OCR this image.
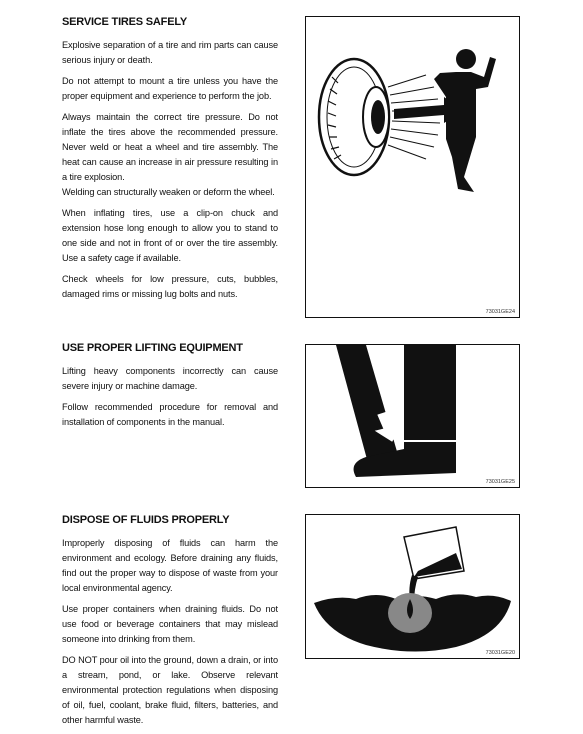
SERVICE TIRES SAFELY

Explosive separation of a tire and rim parts can cause serious injury or death.

Do not attempt to mount a tire unless you have the proper equipment and experience to perform the job.

Always maintain the correct tire pressure. Do not inflate the tires above the recommended pressure. Never weld or heat a wheel and tire assembly. The heat can cause an increase in air pressure resulting in a tire explosion.

Welding can structurally weaken or deform the wheel.

When inflating tires, use a clip-on chuck and extension hose long enough to allow you to stand to one side and not in front of or over the tire assembly. Use a safety cage if available.

Check wheels for low pressure, cuts, bubbles, damaged rims or missing lug bolts and nuts.

73031GE24
USE PROPER LIFTING EQUIPMENT

Lifting heavy components incorrectly can cause severe injury or machine damage.

Follow recommended procedure for removal and installation of components in the manual.

73031GE25
DISPOSE OF FLUIDS PROPERLY

Improperly disposing of fluids can harm the environment and ecology. Before draining any fluids, find out the proper way to dispose of waste from your local environmental agency.

Use proper containers when draining fluids. Do not use food or beverage containers that may mislead someone into drinking from them.

DO NOT pour oil into the ground, down a drain, or into a stream, pond, or lake. Observe relevant environmental protection regulations when disposing of oil, fuel, coolant, brake fluid, filters, batteries, and other harmful waste.

73031GE20
